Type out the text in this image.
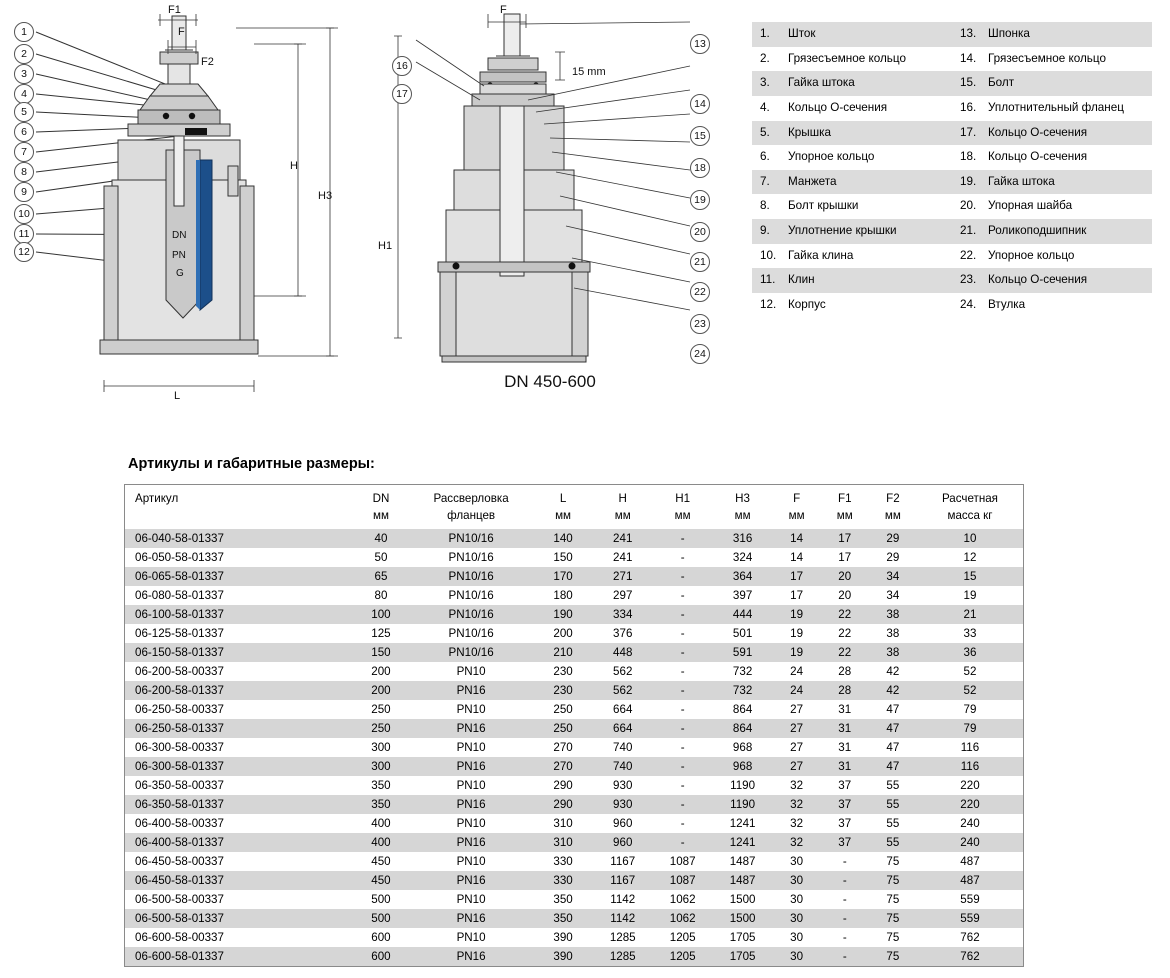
F1
F
F2
H
H3
L
DN
PN
G
1
2
3
4
5
6
7
8
9
10
11
12
F
15 mm
H1
16
17
13
14
15
18
19
20
21
22
23
24
DN 450-600
1. Шток	13. Шпонка

2. Грязесъемное кольцо	14. Грязесъемное кольцо

3. Гайка штока	15. Болт

4. Кольцо О-сечения	16. Уплотнительный фланец

5. Крышка	17. Кольцо О-сечения

6. Упорное кольцо	18. Кольцо О-сечения

7. Манжета	19. Гайка штока

8. Болт крышки	20. Упорная шайба

9. Уплотнение крышки	21. Роликоподшипник

10. Гайка клина	22. Упорное кольцо

11. Клин	23. Кольцо О-сечения

12. Корпус	24. Втулка
Артикулы и габаритные размеры:
Артикул	DN	Рассверловка	L	H	H1	H3	F	F1	F2	Расчетная
	мм	фланцев	мм	мм	мм	мм	мм	мм	мм	масса кг
06-040-58-01337	40	PN10/16	140	241	-	316	14	17	29	10
06-050-58-01337	50	PN10/16	150	241	-	324	14	17	29	12
06-065-58-01337	65	PN10/16	170	271	-	364	17	20	34	15
06-080-58-01337	80	PN10/16	180	297	-	397	17	20	34	19
06-100-58-01337	100	PN10/16	190	334	-	444	19	22	38	21
06-125-58-01337	125	PN10/16	200	376	-	501	19	22	38	33
06-150-58-01337	150	PN10/16	210	448	-	591	19	22	38	36
06-200-58-00337	200	PN10	230	562	-	732	24	28	42	52
06-200-58-01337	200	PN16	230	562	-	732	24	28	42	52
06-250-58-00337	250	PN10	250	664	-	864	27	31	47	79
06-250-58-01337	250	PN16	250	664	-	864	27	31	47	79
06-300-58-00337	300	PN10	270	740	-	968	27	31	47	116
06-300-58-01337	300	PN16	270	740	-	968	27	31	47	116
06-350-58-00337	350	PN10	290	930	-	1190	32	37	55	220
06-350-58-01337	350	PN16	290	930	-	1190	32	37	55	220
06-400-58-00337	400	PN10	310	960	-	1241	32	37	55	240
06-400-58-01337	400	PN16	310	960	-	1241	32	37	55	240
06-450-58-00337	450	PN10	330	1167	1087	1487	30	-	75	487
06-450-58-01337	450	PN16	330	1167	1087	1487	30	-	75	487
06-500-58-00337	500	PN10	350	1142	1062	1500	30	-	75	559
06-500-58-01337	500	PN16	350	1142	1062	1500	30	-	75	559
06-600-58-00337	600	PN10	390	1285	1205	1705	30	-	75	762
06-600-58-01337	600	PN16	390	1285	1205	1705	30	-	75	762
